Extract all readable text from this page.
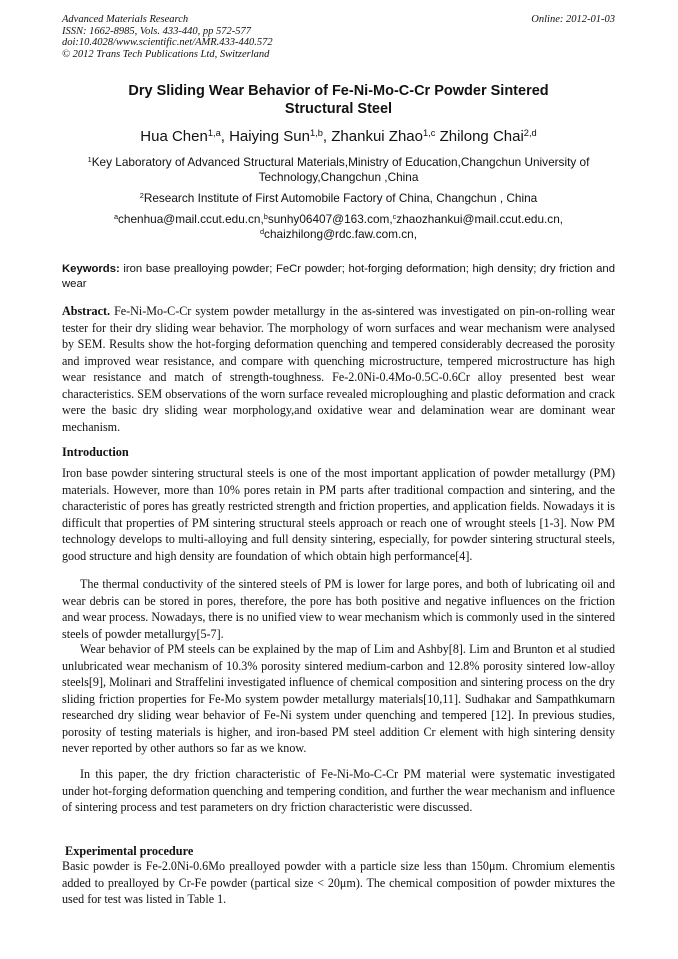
Advanced Materials Research
ISSN: 1662-8985, Vols. 433-440, pp 572-577
doi:10.4028/www.scientific.net/AMR.433-440.572
© 2012 Trans Tech Publications Ltd, Switzerland
Online: 2012-01-03
Dry Sliding Wear Behavior of Fe-Ni-Mo-C-Cr Powder Sintered
Structural Steel
Hua Chen$^{1,a}$, Haiying Sun$^{1,b}$, Zhankui Zhao$^{1,c}$ Zhilong Chai$^{2,d}$
$^1$Key Laboratory of Advanced Structural Materials,Ministry of Education,Changchun University of
Technology,Changchun ,China
$^2$Research Institute of First Automobile Factory of China, Changchun , China
$^a$chenhua@mail.ccut.edu.cn,$^b$sunhy06407@163.com,$^c$zhaozhankui@mail.ccut.edu.cn,
$^d$chaizhilong@rdc.faw.com.cn,
Keywords: iron base prealloying powder; FeCr powder; hot-forging deformation; high density; dry friction and wear
Abstract. Fe-Ni-Mo-C-Cr system powder metallurgy in the as-sintered was investigated on pin-on-rolling wear tester for their dry sliding wear behavior. The morphology of worn surfaces and wear mechanism were analysed by SEM. Results show the hot-forging deformation quenching and tempered considerably decreased the porosity and improved wear resistance, and compare with quenching microstructure, tempered microstructure has high wear resistance and match of strength-toughness. Fe-2.0Ni-0.4Mo-0.5C-0.6Cr alloy presented best wear characteristics. SEM observations of the worn surface revealed microploughing and plastic deformation and crack were the basic dry sliding wear morphology,and oxidative wear and delamination wear are dominant wear mechanism.
Introduction
Iron base powder sintering structural steels is one of the most important application of powder metallurgy (PM) materials. However, more than 10% pores retain in PM parts after traditional compaction and sintering, and the characteristic of pores has greatly restricted strength and friction properties, and application fields. Nowadays it is difficult that properties of PM sintering structural steels approach or reach one of wrought steels [1-3]. Now PM technology develops to multi-alloying and full density sintering, especially, for powder sintering structural steels, good structure and high density are foundation of which obtain high performance[4].
The thermal conductivity of the sintered steels of PM is lower for large pores, and both of lubricating oil and wear debris can be stored in pores, therefore, the pore has both positive and negative influences on the friction and wear process. Nowadays, there is no unified view to wear mechanism which is commonly used in the sintered steels of powder metallurgy[5-7].
Wear behavior of PM steels can be explained by the map of Lim and Ashby[8]. Lim and Brunton et al studied unlubricated wear mechanism of 10.3% porosity sintered medium-carbon and 12.8% porosity sintered low-alloy steels[9], Molinari and Straffelini investigated influence of chemical composition and sintering process on the dry sliding friction properties for Fe-Mo system powder metallurgy materials[10,11]. Sudhakar and Sampathkumarn researched dry sliding wear behavior of Fe-Ni system under quenching and tempered [12]. In previous studies, porosity of testing materials is higher, and iron-based PM steel addition Cr element with high sintering density never reported by other authors so far as we know.
In this paper, the dry friction characteristic of Fe-Ni-Mo-C-Cr PM material were systematic investigated under hot-forging deformation quenching and tempering condition, and further the wear mechanism and influence of sintering process and test parameters on dry friction characteristic were discussed.
Experimental procedure
Basic powder is Fe-2.0Ni-0.6Mo prealloyed powder with a particle size less than 150μm. Chromium elementis added to prealloyed by Cr-Fe powder (partical size < 20μm). The chemical composition of powder mixtures the used for test was listed in Table 1.
